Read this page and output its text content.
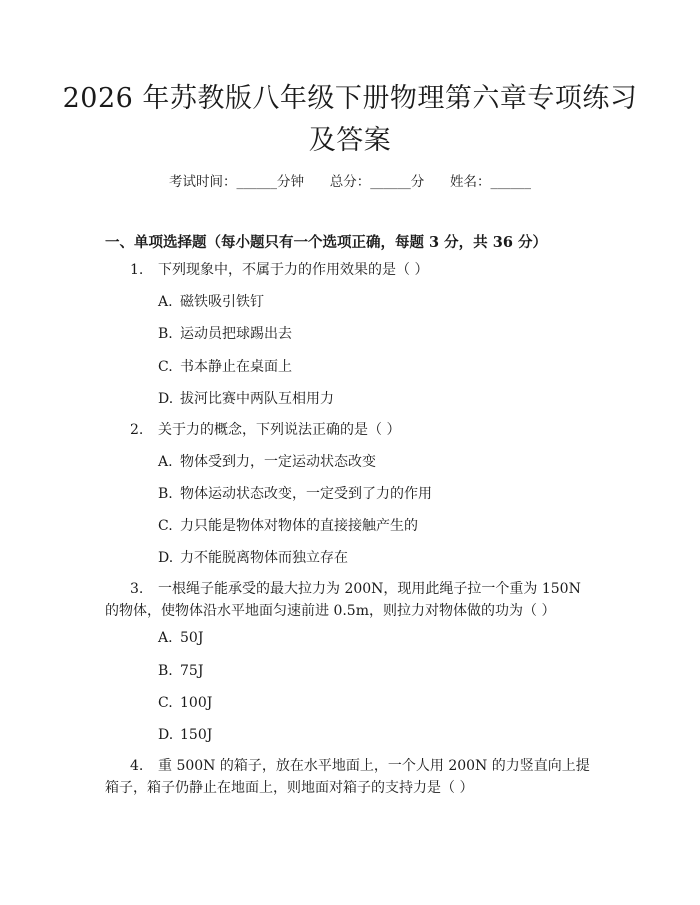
2026 年苏教版八年级下册物理第六章专项练习及答案
考试时间：______分钟 总分：______分 姓名：______
一、单项选择题（每小题只有一个选项正确，每题 3 分，共 36 分）
1. 下列现象中，不属于力的作用效果的是（ ）
A. 磁铁吸引铁钉
B. 运动员把球踢出去
C. 书本静止在桌面上
D. 拔河比赛中两队互相用力
2. 关于力的概念，下列说法正确的是（ ）
A. 物体受到力，一定运动状态改变
B. 物体运动状态改变，一定受到了力的作用
C. 力只能是物体对物体的直接接触产生的
D. 力不能脱离物体而独立存在
3. 一根绳子能承受的最大拉力为 200N，现用此绳子拉一个重为 150N 的物体，使物体沿水平地面匀速前进 0.5m，则拉力对物体做的功为（ ）
A. 50J
B. 75J
C. 100J
D. 150J
4. 重 500N 的箱子，放在水平地面上，一个人用 200N 的力竖直向上提箱子，箱子仍静止在地面上，则地面对箱子的支持力是（ ）
